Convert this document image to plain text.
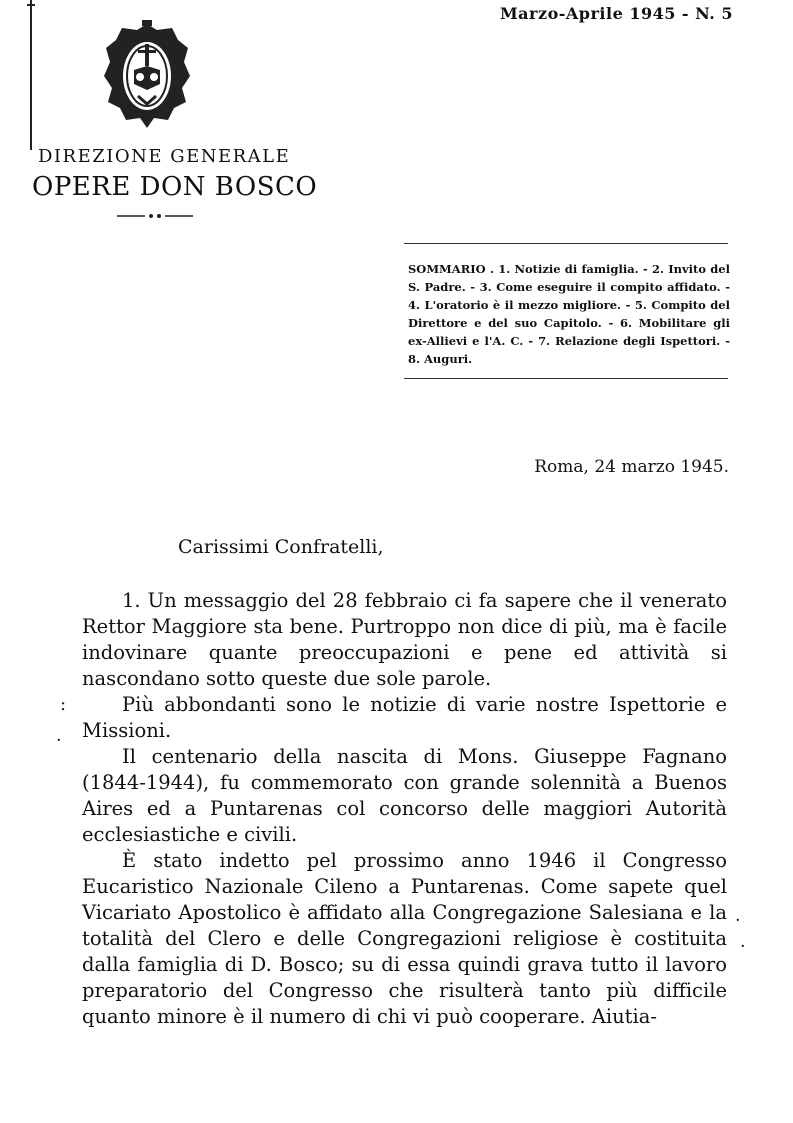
Marzo-Aprile 1945 - N. 5
DIREZIONE GENERALE
OPERE DON BOSCO
SOMMARIO . 1. Notizie di famiglia. - 2. Invito del S. Padre. - 3. Come eseguire il compito affidato. - 4. L'oratorio è il mezzo migliore. - 5. Compito del Direttore e del suo Capitolo. - 6. Mobilitare gli ex-Allievi e l'A. C. - 7. Relazione degli Ispettori. - 8. Auguri.
Roma, 24 marzo 1945.
Carissimi Confratelli,

1. Un messaggio del 28 febbraio ci fa sapere che il venerato Rettor Maggiore sta bene. Purtroppo non dice di più, ma è facile indovinare quante preoccupazioni e pene ed attività si nascondano sotto queste due sole parole.

Più abbondanti sono le notizie di varie nostre Ispettorie e Missioni.

Il centenario della nascita di Mons. Giuseppe Fagnano (1844-1944), fu commemorato con grande solennità a Buenos Aires ed a Puntarenas col concorso delle maggiori Autorità ecclesiastiche e civili.

È stato indetto pel prossimo anno 1946 il Congresso Eucaristico Nazionale Cileno a Puntarenas. Come sapete quel Vicariato Apostolico è affidato alla Congregazione Salesiana e la totalità del Clero e delle Congregazioni religiose è costituita dalla famiglia di D. Bosco; su di essa quindi grava tutto il lavoro preparatorio del Congresso che risulterà tanto più difficile quanto minore è il numero di chi vi può cooperare. Aiutia-

:
·
·
·
